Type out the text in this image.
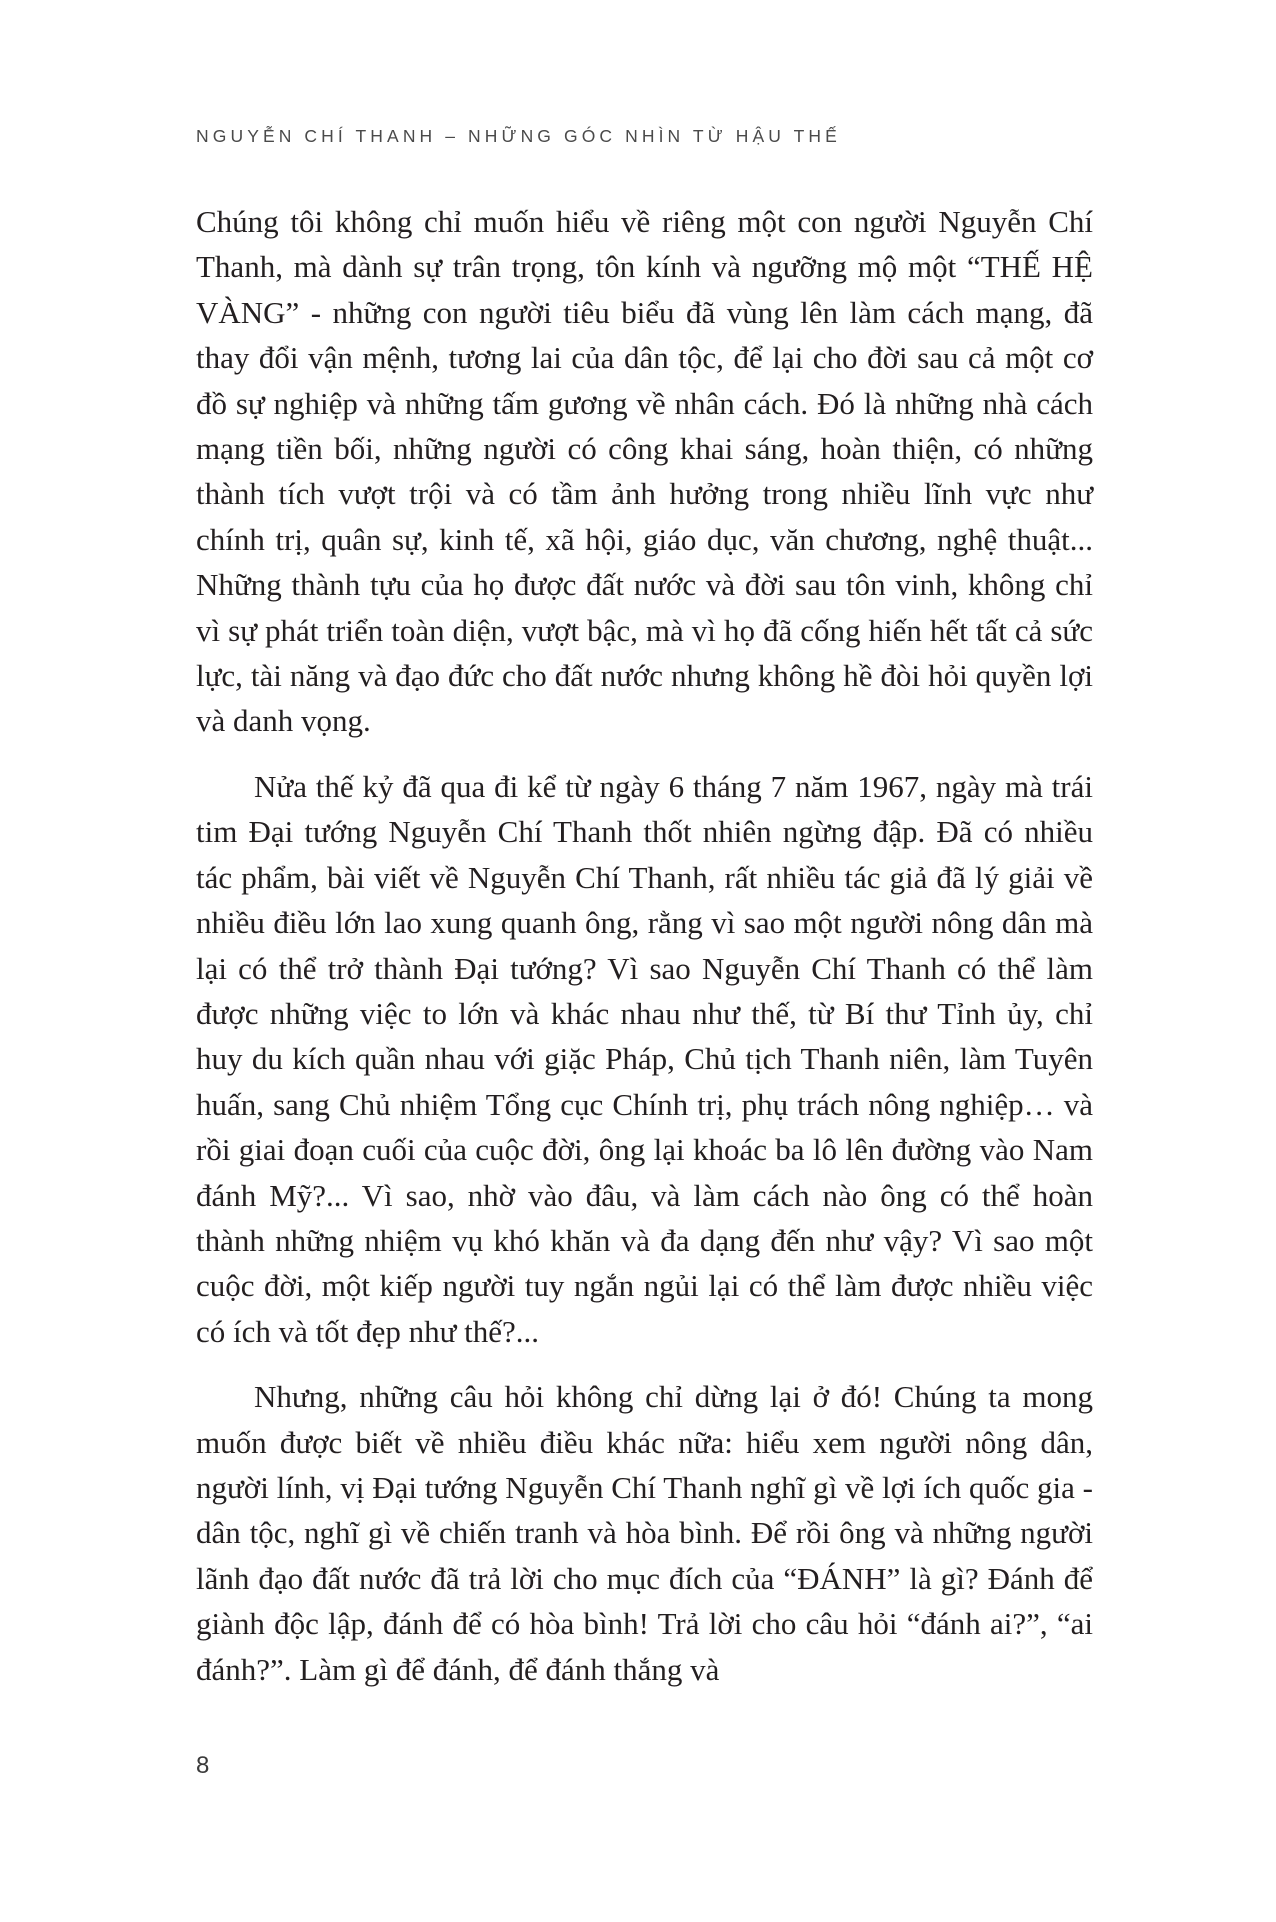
NGUYỄN CHÍ THANH – NHỮNG GÓC NHÌN TỪ HẬU THẾ

Chúng tôi không chỉ muốn hiểu về riêng một con người Nguyễn Chí Thanh, mà dành sự trân trọng, tôn kính và ngưỡng mộ một “THẾ HỆ VÀNG” - những con người tiêu biểu đã vùng lên làm cách mạng, đã thay đổi vận mệnh, tương lai của dân tộc, để lại cho đời sau cả một cơ đồ sự nghiệp và những tấm gương về nhân cách. Đó là những nhà cách mạng tiền bối, những người có công khai sáng, hoàn thiện, có những thành tích vượt trội và có tầm ảnh hưởng trong nhiều lĩnh vực như chính trị, quân sự, kinh tế, xã hội, giáo dục, văn chương, nghệ thuật... Những thành tựu của họ được đất nước và đời sau tôn vinh, không chỉ vì sự phát triển toàn diện, vượt bậc, mà vì họ đã cống hiến hết tất cả sức lực, tài năng và đạo đức cho đất nước nhưng không hề đòi hỏi quyền lợi và danh vọng.

Nửa thế kỷ đã qua đi kể từ ngày 6 tháng 7 năm 1967, ngày mà trái tim Đại tướng Nguyễn Chí Thanh thốt nhiên ngừng đập. Đã có nhiều tác phẩm, bài viết về Nguyễn Chí Thanh, rất nhiều tác giả đã lý giải về nhiều điều lớn lao xung quanh ông, rằng vì sao một người nông dân mà lại có thể trở thành Đại tướng? Vì sao Nguyễn Chí Thanh có thể làm được những việc to lớn và khác nhau như thế, từ Bí thư Tỉnh ủy, chỉ huy du kích quần nhau với giặc Pháp, Chủ tịch Thanh niên, làm Tuyên huấn, sang Chủ nhiệm Tổng cục Chính trị, phụ trách nông nghiệp… và rồi giai đoạn cuối của cuộc đời, ông lại khoác ba lô lên đường vào Nam đánh Mỹ?... Vì sao, nhờ vào đâu, và làm cách nào ông có thể hoàn thành những nhiệm vụ khó khăn và đa dạng đến như vậy? Vì sao một cuộc đời, một kiếp người tuy ngắn ngủi lại có thể làm được nhiều việc có ích và tốt đẹp như thế?...

Nhưng, những câu hỏi không chỉ dừng lại ở đó! Chúng ta mong muốn được biết về nhiều điều khác nữa: hiểu xem người nông dân, người lính, vị Đại tướng Nguyễn Chí Thanh nghĩ gì về lợi ích quốc gia - dân tộc, nghĩ gì về chiến tranh và hòa bình. Để rồi ông và những người lãnh đạo đất nước đã trả lời cho mục đích của “ĐÁNH” là gì? Đánh để giành độc lập, đánh để có hòa bình! Trả lời cho câu hỏi “đánh ai?”, “ai đánh?”. Làm gì để đánh, để đánh thắng và

8
